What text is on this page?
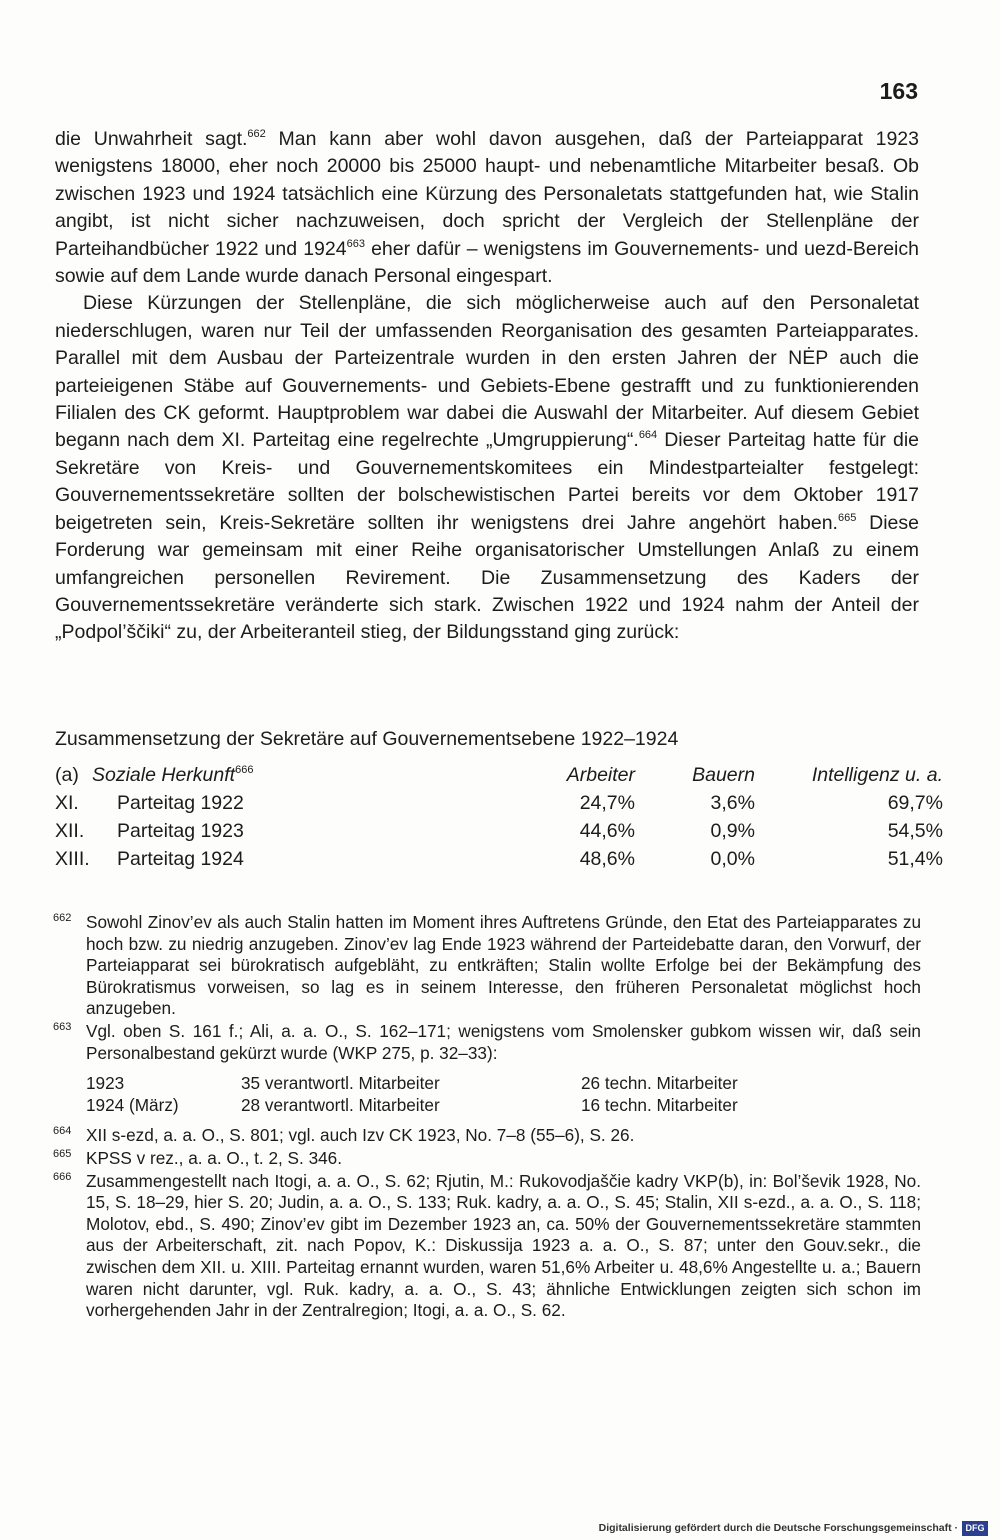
163

die Unwahrheit sagt.$^{662}$ Man kann aber wohl davon ausgehen, daß der Parteiapparat 1923 wenigstens 18000, eher noch 20000 bis 25000 haupt- und nebenamtliche Mitarbeiter besaß. Ob zwischen 1923 und 1924 tatsächlich eine Kürzung des Personaletats stattgefunden hat, wie Stalin angibt, ist nicht sicher nachzuweisen, doch spricht der Vergleich der Stellenpläne der Parteihandbücher 1922 und 1924$^{663}$ eher dafür – wenigstens im Gouvernements- und uezd-Bereich sowie auf dem Lande wurde danach Personal eingespart.

Diese Kürzungen der Stellenpläne, die sich möglicherweise auch auf den Personaletat niederschlugen, waren nur Teil der umfassenden Reorganisation des gesamten Parteiapparates. Parallel mit dem Ausbau der Parteizentrale wurden in den ersten Jahren der NĖP auch die parteieigenen Stäbe auf Gouvernements- und Gebiets-Ebene gestrafft und zu funktionierenden Filialen des CK geformt. Hauptproblem war dabei die Auswahl der Mitarbeiter. Auf diesem Gebiet begann nach dem XI. Parteitag eine regelrechte „Umgruppierung“.$^{664}$ Dieser Parteitag hatte für die Sekretäre von Kreis- und Gouvernementskomitees ein Mindestparteialter festgelegt: Gouvernementssekretäre sollten der bolschewistischen Partei bereits vor dem Oktober 1917 beigetreten sein, Kreis-Sekretäre sollten ihr wenigstens drei Jahre angehört haben.$^{665}$ Diese Forderung war gemeinsam mit einer Reihe organisatorischer Umstellungen Anlaß zu einem umfangreichen personellen Revirement. Die Zusammensetzung des Kaders der Gouvernementssekretäre veränderte sich stark. Zwischen 1922 und 1924 nahm der Anteil der „Podpol’ščiki“ zu, der Arbeiteranteil stieg, der Bildungsstand ging zurück:

Zusammensetzung der Sekretäre auf Gouvernementsebene 1922–1924
(a) Soziale Herkunft$^{666}$	Arbeiter	Bauern	Intelligenz u. a.
XI. Parteitag 1922	24,7%	3,6%	69,7%
XII. Parteitag 1923	44,6%	0,9%	54,5%
XIII. Parteitag 1924	48,6%	0,0%	51,4%
662 Sowohl Zinov’ev als auch Stalin hatten im Moment ihres Auftretens Gründe, den Etat des Parteiapparates zu hoch bzw. zu niedrig anzugeben. Zinov’ev lag Ende 1923 während der Parteidebatte daran, den Vorwurf, der Parteiapparat sei bürokratisch aufgebläht, zu entkräften; Stalin wollte Erfolge bei der Bekämpfung des Bürokratismus vorweisen, so lag es in seinem Interesse, den früheren Personaletat möglichst hoch anzugeben.
663 Vgl. oben S. 161 f.; Ali, a. a. O., S. 162–171; wenigstens vom Smolensker gubkom wissen wir, daß sein Personalbestand gekürzt wurde (WKP 275, p. 32–33):
1923	35 verantwortl. Mitarbeiter	26 techn. Mitarbeiter
1924 (März)	28 verantwortl. Mitarbeiter	16 techn. Mitarbeiter
664 XII s-ezd, a. a. O., S. 801; vgl. auch Izv CK 1923, No. 7–8 (55–6), S. 26.
665 KPSS v rez., a. a. O., t. 2, S. 346.
666 Zusammengestellt nach Itogi, a. a. O., S. 62; Rjutin, M.: Rukovodjaščie kadry VKP(b), in: Bol’ševik 1928, No. 15, S. 18–29, hier S. 20; Judin, a. a. O., S. 133; Ruk. kadry, a. a. O., S. 45; Stalin, XII s-ezd., a. a. O., S. 118; Molotov, ebd., S. 490; Zinov’ev gibt im Dezember 1923 an, ca. 50% der Gouvernementssekretäre stammten aus der Arbeiterschaft, zit. nach Popov, K.: Diskussija 1923 a. a. O., S. 87; unter den Gouv.sekr., die zwischen dem XII. u. XIII. Parteitag ernannt wurden, waren 51,6% Arbeiter u. 48,6% Angestellte u. a.; Bauern waren nicht darunter, vgl. Ruk. kadry, a. a. O., S. 43; ähnliche Entwicklungen zeigten sich schon im vorhergehenden Jahr in der Zentralregion; Itogi, a. a. O., S. 62.
Digitalisierung gefördert durch die Deutsche Forschungsgemeinschaft · DFG
